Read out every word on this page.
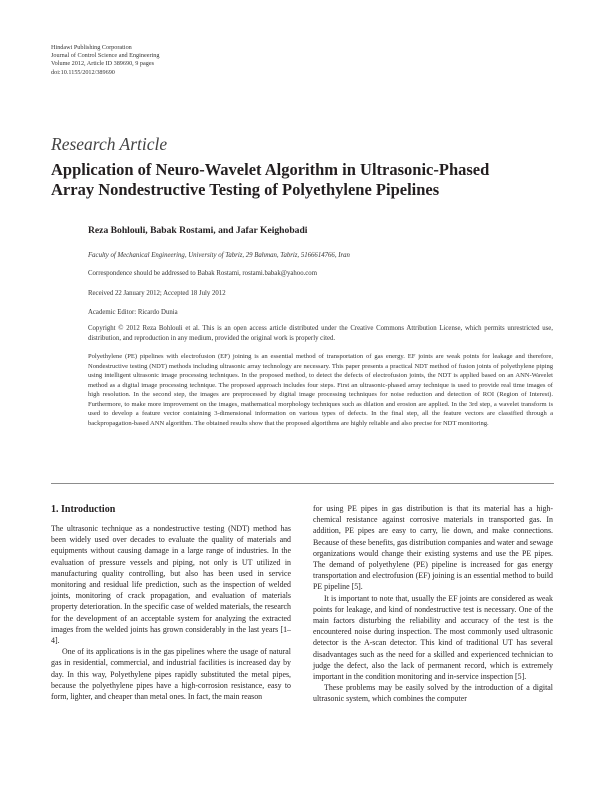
Hindawi Publishing Corporation
Journal of Control Science and Engineering
Volume 2012, Article ID 389690, 9 pages
doi:10.1155/2012/389690
Research Article
Application of Neuro-Wavelet Algorithm in Ultrasonic-Phased
Array Nondestructive Testing of Polyethylene Pipelines
Reza Bohlouli, Babak Rostami, and Jafar Keighobadi
Faculty of Mechanical Engineering, University of Tabriz, 29 Bahman, Tabriz, 5166614766, Iran
Correspondence should be addressed to Babak Rostami, rostami.babak@yahoo.com
Received 22 January 2012; Accepted 18 July 2012
Academic Editor: Ricardo Dunia
Copyright © 2012 Reza Bohlouli et al. This is an open access article distributed under the Creative Commons Attribution License, which permits unrestricted use, distribution, and reproduction in any medium, provided the original work is properly cited.
Polyethylene (PE) pipelines with electrofusion (EF) joining is an essential method of transportation of gas energy. EF joints are weak points for leakage and therefore, Nondestructive testing (NDT) methods including ultrasonic array technology are necessary. This paper presents a practical NDT method of fusion joints of polyethylene piping using intelligent ultrasonic image processing techniques. In the proposed method, to detect the defects of electrofusion joints, the NDT is applied based on an ANN-Wavelet method as a digital image processing technique. The proposed approach includes four steps. First an ultrasonic-phased array technique is used to provide real time images of high resolution. In the second step, the images are preprocessed by digital image processing techniques for noise reduction and detection of ROI (Region of Interest). Furthermore, to make more improvement on the images, mathematical morphology techniques such as dilation and erosion are applied. In the 3rd step, a wavelet transform is used to develop a feature vector containing 3-dimensional information on various types of defects. In the final step, all the feature vectors are classified through a backpropagation-based ANN algorithm. The obtained results show that the proposed algorithms are highly reliable and also precise for NDT monitoring.
1. Introduction

The ultrasonic technique as a nondestructive testing (NDT) method has been widely used over decades to evaluate the quality of materials and equipments without causing damage in a large range of industries. In the evaluation of pressure vessels and piping, not only is UT utilized in manufacturing quality controlling, but also has been used in service monitoring and residual life prediction, such as the inspection of welded joints, monitoring of crack propagation, and evaluation of materials property deterioration. In the specific case of welded materials, the research for the development of an acceptable system for analyzing the extracted images from the welded joints has grown considerably in the last years [1–4].

One of its applications is in the gas pipelines where the usage of natural gas in residential, commercial, and industrial facilities is increased day by day. In this way, Polyethylene pipes rapidly substituted the metal pipes, because the polyethylene pipes have a high-corrosion resistance, easy to form, lighter, and cheaper than metal ones. In fact, the main reason

for using PE pipes in gas distribution is that its material has a high-chemical resistance against corrosive materials in transported gas. In addition, PE pipes are easy to carry, lie down, and make connections. Because of these benefits, gas distribution companies and water and sewage organizations would change their existing systems and use the PE pipes. The demand of polyethylene (PE) pipeline is increased for gas energy transportation and electrofusion (EF) joining is an essential method to build PE pipeline [5].

It is important to note that, usually the EF joints are considered as weak points for leakage, and kind of nondestructive test is necessary. One of the main factors disturbing the reliability and accuracy of the test is the encountered noise during inspection. The most commonly used ultrasonic detector is the A-scan detector. This kind of traditional UT has several disadvantages such as the need for a skilled and experienced technician to judge the defect, also the lack of permanent record, which is extremely important in the condition monitoring and in-service inspection [5].

These problems may be easily solved by the introduction of a digital ultrasonic system, which combines the computer
